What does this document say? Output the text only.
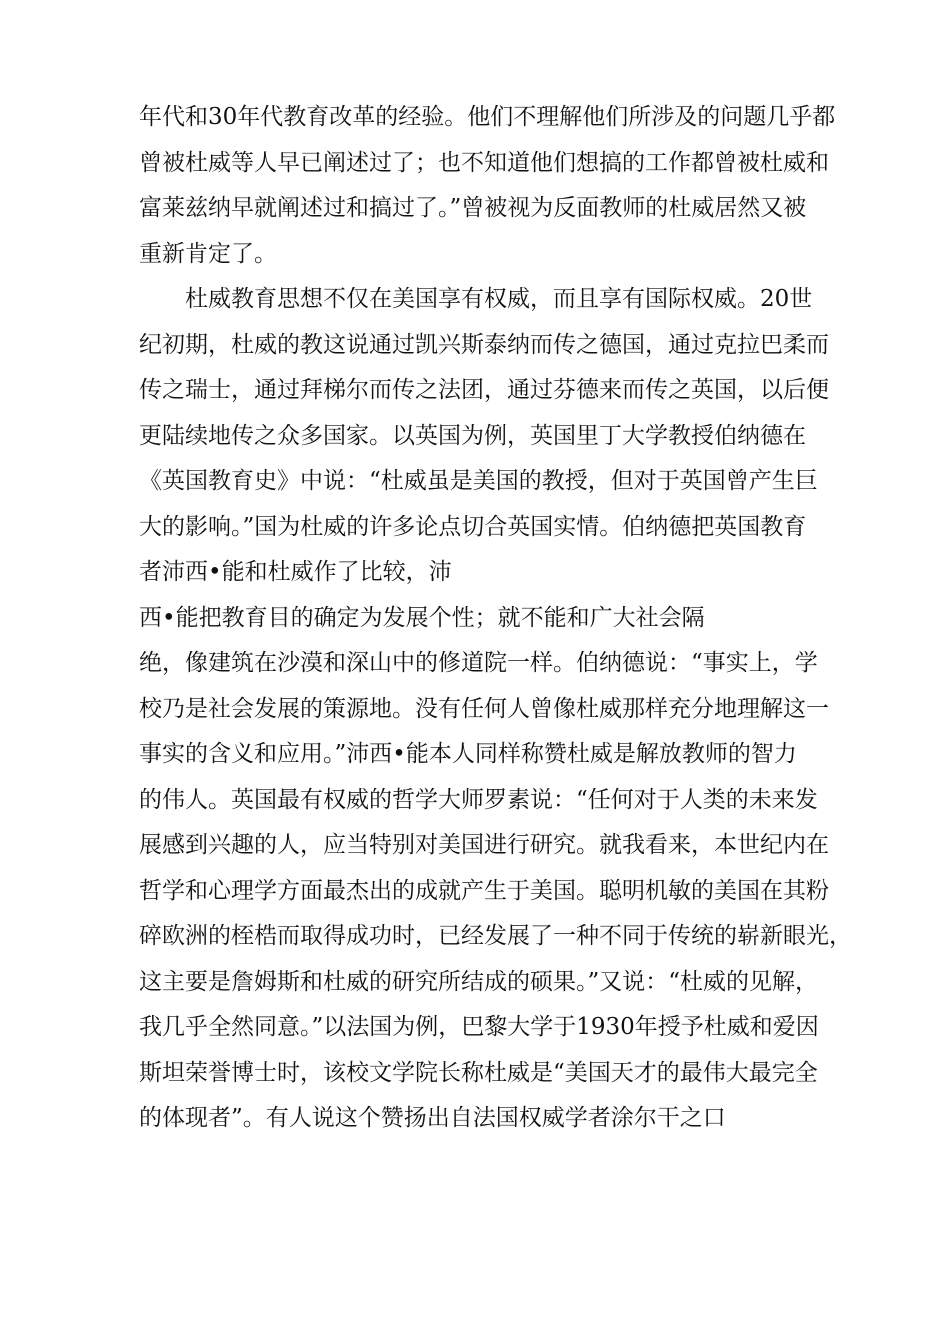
年代和30年代教育改革的经验。他们不理解他们所涉及的问题几乎都
曾被杜威等人早已阐述过了；也不知道他们想搞的工作都曾被杜威和
富莱兹纳早就阐述过和搞过了。”曾被视为反面教师的杜威居然又被
重新肯定了。
杜威教育思想不仅在美国享有权威，而且享有国际权威。20世
纪初期，杜威的教这说通过凯兴斯泰纳而传之德国，通过克拉巴柔而
传之瑞士，通过拜梯尔而传之法团，通过芬德来而传之英国，以后便
更陆续地传之众多国家。以英国为例，英国里丁大学教授伯纳德在
《英国教育史》中说：“杜威虽是美国的教授，但对于英国曾产生巨
大的影响。”国为杜威的许多论点切合英国实情。伯纳德把英国教育
者沛西•能和杜威作了比较，沛
西•能把教育目的确定为发展个性；就不能和广大社会隔
绝，像建筑在沙漠和深山中的修道院一样。伯纳德说：“事实上，学
校乃是社会发展的策源地。没有任何人曾像杜威那样充分地理解这一
事实的含义和应用。”沛西•能本人同样称赞杜威是解放教师的智力
的伟人。英国最有权威的哲学大师罗素说：“任何对于人类的未来发
展感到兴趣的人，应当特别对美国进行研究。就我看来，本世纪内在
哲学和心理学方面最杰出的成就产生于美国。聪明机敏的美国在其粉
碎欧洲的桎梏而取得成功时，已经发展了一种不同于传统的崭新眼光，
这主要是詹姆斯和杜威的研究所结成的硕果。”又说：“杜威的见解，
我几乎全然同意。”以法国为例，巴黎大学于1930年授予杜威和爱因
斯坦荣誉博士时，该校文学院长称杜威是“美国天才的最伟大最完全
的体现者”。有人说这个赞扬出自法国权威学者涂尔干之口
